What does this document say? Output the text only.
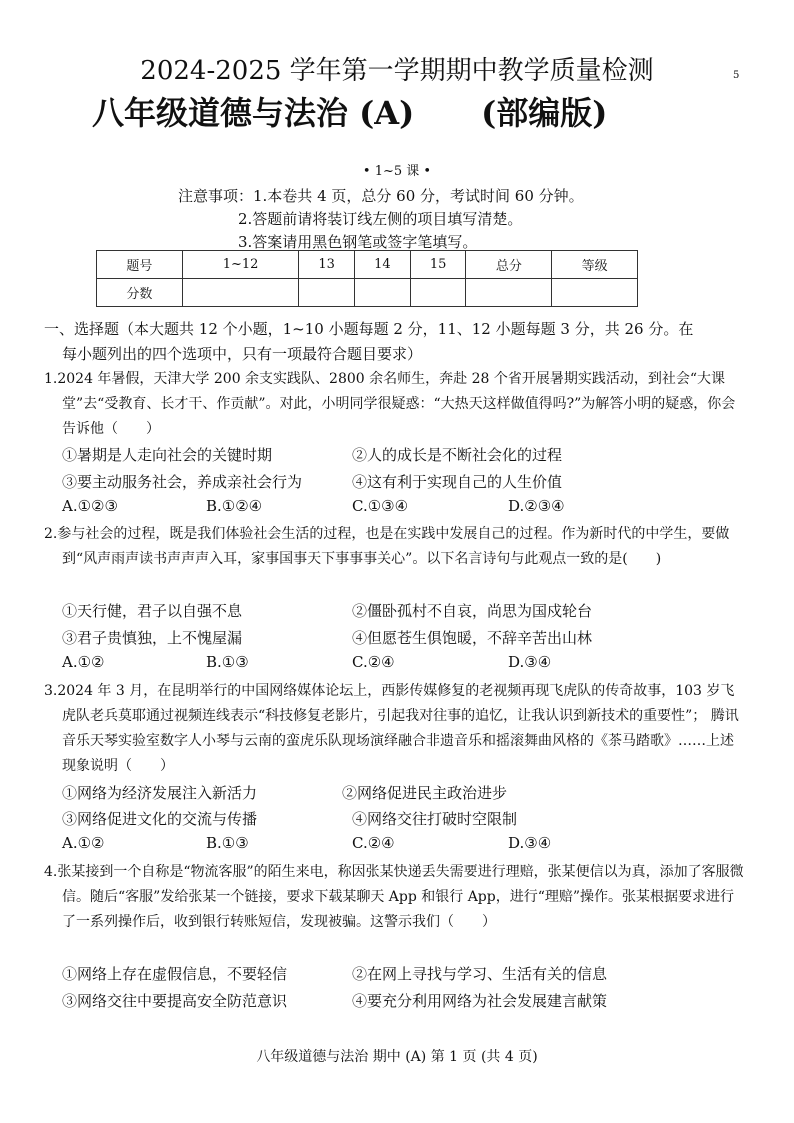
2024-2025 学年第一学期期中教学质量检测
八年级道德与法治 (A)      (部编版)
5
• 1~5 课 •
注意事项：1.本卷共 4 页，总分 60 分，考试时间 60 分钟。
2.答题前请将装订线左侧的项目填写清楚。
3.答案请用黑色钢笔或签字笔填写。
题号	1~12	13	14	15	总分	等级
分数						
一、选择题（本大题共 12 个小题，1~10 小题每题 2 分，11、12 小题每题 3 分，共 26 分。在
每小题列出的四个选项中，只有一项最符合题目要求）
1.2024 年暑假，天津大学 200 余支实践队、2800 余名师生，奔赴 28 个省开展暑期实践活动，到社会“大课堂”去“受教育、长才干、作贡献”。对此，小明同学很疑惑：“大热天这样做值得吗?”为解答小明的疑惑，你会告诉他（　　）
①暑期是人走向社会的关键时期	②人的成长是不断社会化的过程
③要主动服务社会，养成亲社会行为	④这有利于实现自己的人生价值
A.①②③	B.①②④	C.①③④	D.②③④
2.参与社会的过程，既是我们体验社会生活的过程，也是在实践中发展自己的过程。作为新时代的中学生，要做到“风声雨声读书声声声入耳，家事国事天下事事事关心”。以下名言诗句与此观点一致的是(　　)
①天行健，君子以自强不息	②僵卧孤村不自哀，尚思为国戍轮台
③君子贵慎独，上不愧屋漏	④但愿苍生俱饱暖，不辞辛苦出山林
A.①②	B.①③	C.②④	D.③④
3.2024 年 3 月，在昆明举行的中国网络媒体论坛上，西影传媒修复的老视频再现飞虎队的传奇故事，103 岁飞虎队老兵莫耶通过视频连线表示“科技修复老影片，引起我对往事的追忆，让我认识到新技术的重要性”； 腾讯音乐天琴实验室数字人小琴与云南的蛮虎乐队现场演绎融合非遗音乐和摇滚舞曲风格的《茶马踏歌》……上述现象说明（　　）
①网络为经济发展注入新活力	②网络促进民主政治进步
③网络促进文化的交流与传播	④网络交往打破时空限制
A.①②	B.①③	C.②④	D.③④
4.张某接到一个自称是“物流客服”的陌生来电，称因张某快递丢失需要进行理赔，张某便信以为真，添加了客服微信。随后“客服”发给张某一个链接，要求下载某聊天 App 和银行 App，进行“理赔”操作。张某根据要求进行了一系列操作后，收到银行转账短信，发现被骗。这警示我们（　　）
①网络上存在虚假信息，不要轻信	②在网上寻找与学习、生活有关的信息
③网络交往中要提高安全防范意识	④要充分利用网络为社会发展建言献策
八年级道德与法治 期中 (A) 第 1 页 (共 4 页)
